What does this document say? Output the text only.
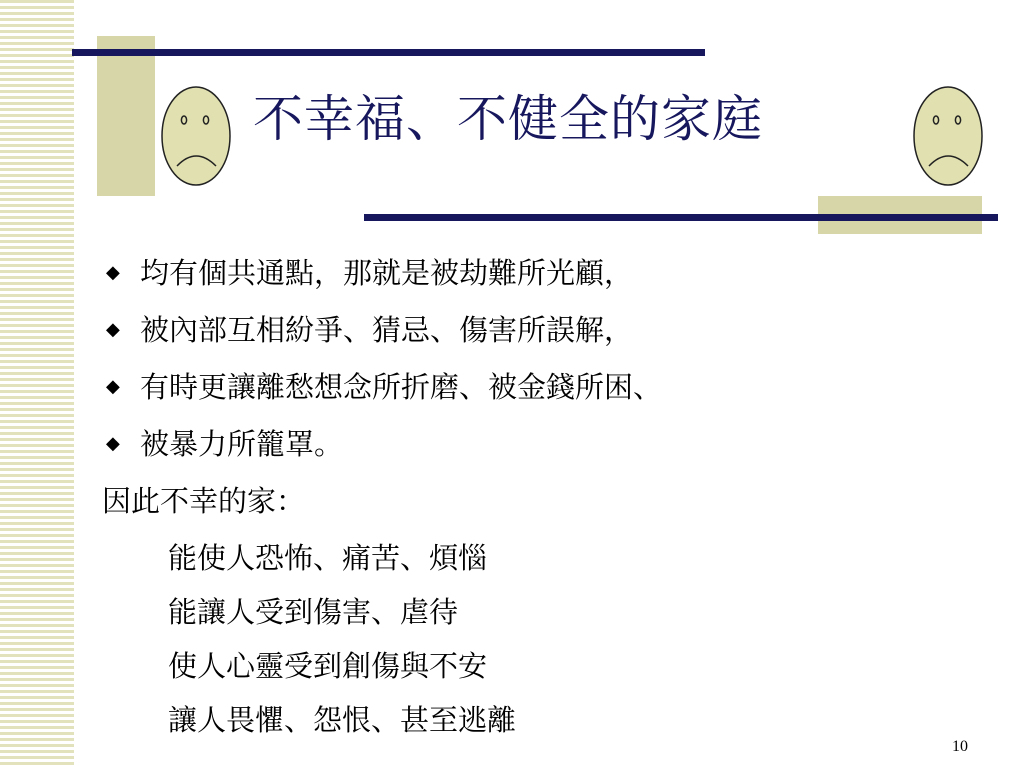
不幸福、不健全的家庭
◆ 均有個共通點，那就是被劫難所光顧，
◆ 被內部互相紛爭、猜忌、傷害所誤解，
◆ 有時更讓離愁想念所折磨、被金錢所困、
◆ 被暴力所籠罩。
因此不幸的家：
能使人恐怖、痛苦、煩惱
能讓人受到傷害、虐待
使人心靈受到創傷與不安
讓人畏懼、怨恨、甚至逃離
10
